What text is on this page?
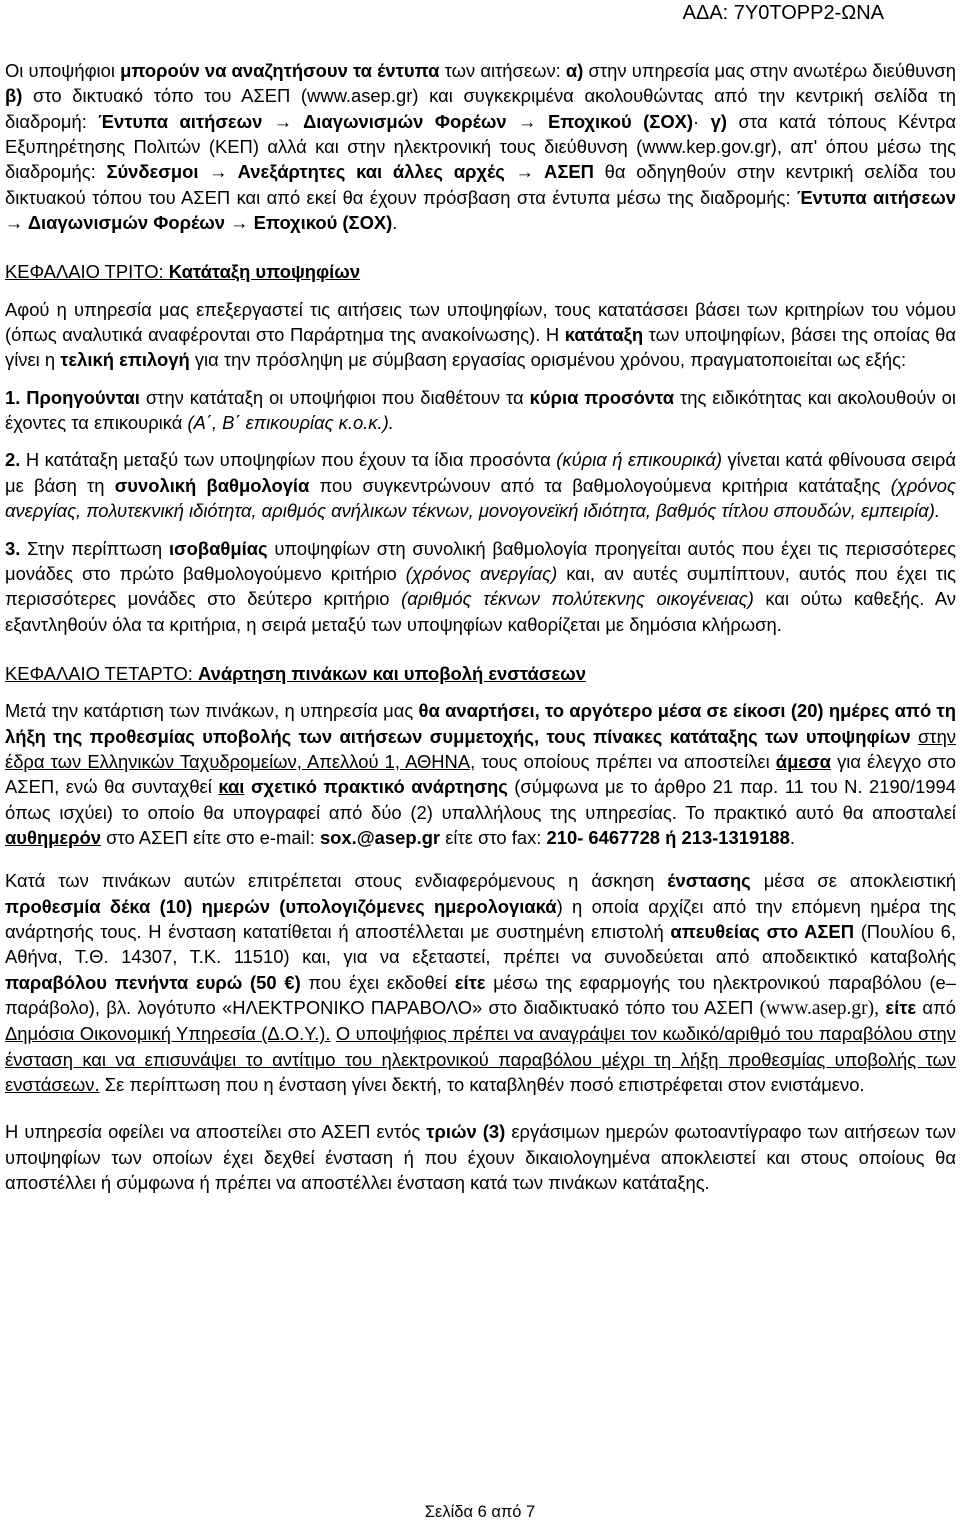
ΑΔΑ: 7Υ0ΤΟΡΡ2-ΩΝΑ

Οι υποψήφιοι μπορούν να αναζητήσουν τα έντυπα των αιτήσεων: α) στην υπηρεσία μας στην ανωτέρω διεύθυνση β) στο δικτυακό τόπο του ΑΣΕΠ (www.asep.gr) και συγκεκριμένα ακολουθώντας από την κεντρική σελίδα τη διαδρομή: Έντυπα αιτήσεων → Διαγωνισμών Φορέων → Εποχικού (ΣΟΧ)· γ) στα κατά τόπους Κέντρα Εξυπηρέτησης Πολιτών (ΚΕΠ) αλλά και στην ηλεκτρονική τους διεύθυνση (www.kep.gov.gr), απ' όπου μέσω της διαδρομής: Σύνδεσμοι → Ανεξάρτητες και άλλες αρχές → ΑΣΕΠ θα οδηγηθούν στην κεντρική σελίδα του δικτυακού τόπου του ΑΣΕΠ και από εκεί θα έχουν πρόσβαση στα έντυπα μέσω της διαδρομής: Έντυπα αιτήσεων → Διαγωνισμών Φορέων → Εποχικού (ΣΟΧ).

ΚΕΦΑΛΑΙΟ ΤΡΙΤΟ: Κατάταξη υποψηφίων

Αφού η υπηρεσία μας επεξεργαστεί τις αιτήσεις των υποψηφίων, τους κατατάσσει βάσει των κριτηρίων του νόμου (όπως αναλυτικά αναφέρονται στο Παράρτημα της ανακοίνωσης). Η κατάταξη των υποψηφίων, βάσει της οποίας θα γίνει η τελική επιλογή για την πρόσληψη με σύμβαση εργασίας ορισμένου χρόνου, πραγματοποιείται ως εξής:

1. Προηγούνται στην κατάταξη οι υποψήφιοι που διαθέτουν τα κύρια προσόντα της ειδικότητας και ακολουθούν οι έχοντες τα επικουρικά (Α΄, Β΄ επικουρίας κ.ο.κ.).

2. Η κατάταξη μεταξύ των υποψηφίων που έχουν τα ίδια προσόντα (κύρια ή επικουρικά) γίνεται κατά φθίνουσα σειρά με βάση τη συνολική βαθμολογία που συγκεντρώνουν από τα βαθμολογούμενα κριτήρια κατάταξης (χρόνος ανεργίας, πολυτεκνική ιδιότητα, αριθμός ανήλικων τέκνων, μονογονεϊκή ιδιότητα, βαθμός τίτλου σπουδών, εμπειρία).

3. Στην περίπτωση ισοβαθμίας υποψηφίων στη συνολική βαθμολογία προηγείται αυτός που έχει τις περισσότερες μονάδες στο πρώτο βαθμολογούμενο κριτήριο (χρόνος ανεργίας) και, αν αυτές συμπίπτουν, αυτός που έχει τις περισσότερες μονάδες στο δεύτερο κριτήριο (αριθμός τέκνων πολύτεκνης οικογένειας) και ούτω καθεξής. Αν εξαντληθούν όλα τα κριτήρια, η σειρά μεταξύ των υποψηφίων καθορίζεται με δημόσια κλήρωση.

ΚΕΦΑΛΑΙΟ ΤΕΤΑΡΤΟ: Ανάρτηση πινάκων και υποβολή ενστάσεων

Μετά την κατάρτιση των πινάκων, η υπηρεσία μας θα αναρτήσει, το αργότερο μέσα σε είκοσι (20) ημέρες από τη λήξη της προθεσμίας υποβολής των αιτήσεων συμμετοχής, τους πίνακες κατάταξης των υποψηφίων στην έδρα των Ελληνικών Ταχυδρομείων, Απελλού 1, ΑΘΗΝΑ, τους οποίους πρέπει να αποστείλει άμεσα για έλεγχο στο ΑΣΕΠ, ενώ θα συνταχθεί και σχετικό πρακτικό ανάρτησης (σύμφωνα με το άρθρο 21 παρ. 11 του Ν. 2190/1994 όπως ισχύει) το οποίο θα υπογραφεί από δύο (2) υπαλλήλους της υπηρεσίας. Το πρακτικό αυτό θα αποσταλεί αυθημερόν στο ΑΣΕΠ είτε στο e-mail: sox.@asep.gr είτε στο fax: 210- 6467728 ή 213-1319188.

Κατά των πινάκων αυτών επιτρέπεται στους ενδιαφερόμενους η άσκηση ένστασης μέσα σε αποκλειστική προθεσμία δέκα (10) ημερών (υπολογιζόμενες ημερολογιακά) η οποία αρχίζει από την επόμενη ημέρα της ανάρτησής τους. Η ένσταση κατατίθεται ή αποστέλλεται με συστημένη επιστολή απευθείας στο ΑΣΕΠ (Πουλίου 6, Αθήνα, Τ.Θ. 14307, Τ.Κ. 11510) και, για να εξεταστεί, πρέπει να συνοδεύεται από αποδεικτικό καταβολής παραβόλου πενήντα ευρώ (50 €) που έχει εκδοθεί είτε μέσω της εφαρμογής του ηλεκτρονικού παραβόλου (e–παράβολο), βλ. λογότυπο «ΗΛΕΚΤΡΟΝΙΚΟ ΠΑΡΑΒΟΛΟ» στο διαδικτυακό τόπο του ΑΣΕΠ (www.asep.gr), είτε από Δημόσια Οικονομική Υπηρεσία (Δ.Ο.Υ.). Ο υποψήφιος πρέπει να αναγράψει τον κωδικό/αριθμό του παραβόλου στην ένσταση και να επισυνάψει το αντίτιμο του ηλεκτρονικού παραβόλου μέχρι τη λήξη προθεσμίας υποβολής των ενστάσεων. Σε περίπτωση που η ένσταση γίνει δεκτή, το καταβληθέν ποσό επιστρέφεται στον ενιστάμενο.

Η υπηρεσία οφείλει να αποστείλει στο ΑΣΕΠ εντός τριών (3) εργάσιμων ημερών φωτοαντίγραφο των αιτήσεων των υποψηφίων των οποίων έχει δεχθεί ένσταση ή που έχουν δικαιολογημένα αποκλειστεί και στους οποίους θα αποστέλλει ή σύμφωνα ή πρέπει να αποστέλλει ένσταση κατά των πινάκων κατάταξης.

Σελίδα 6 από 7
